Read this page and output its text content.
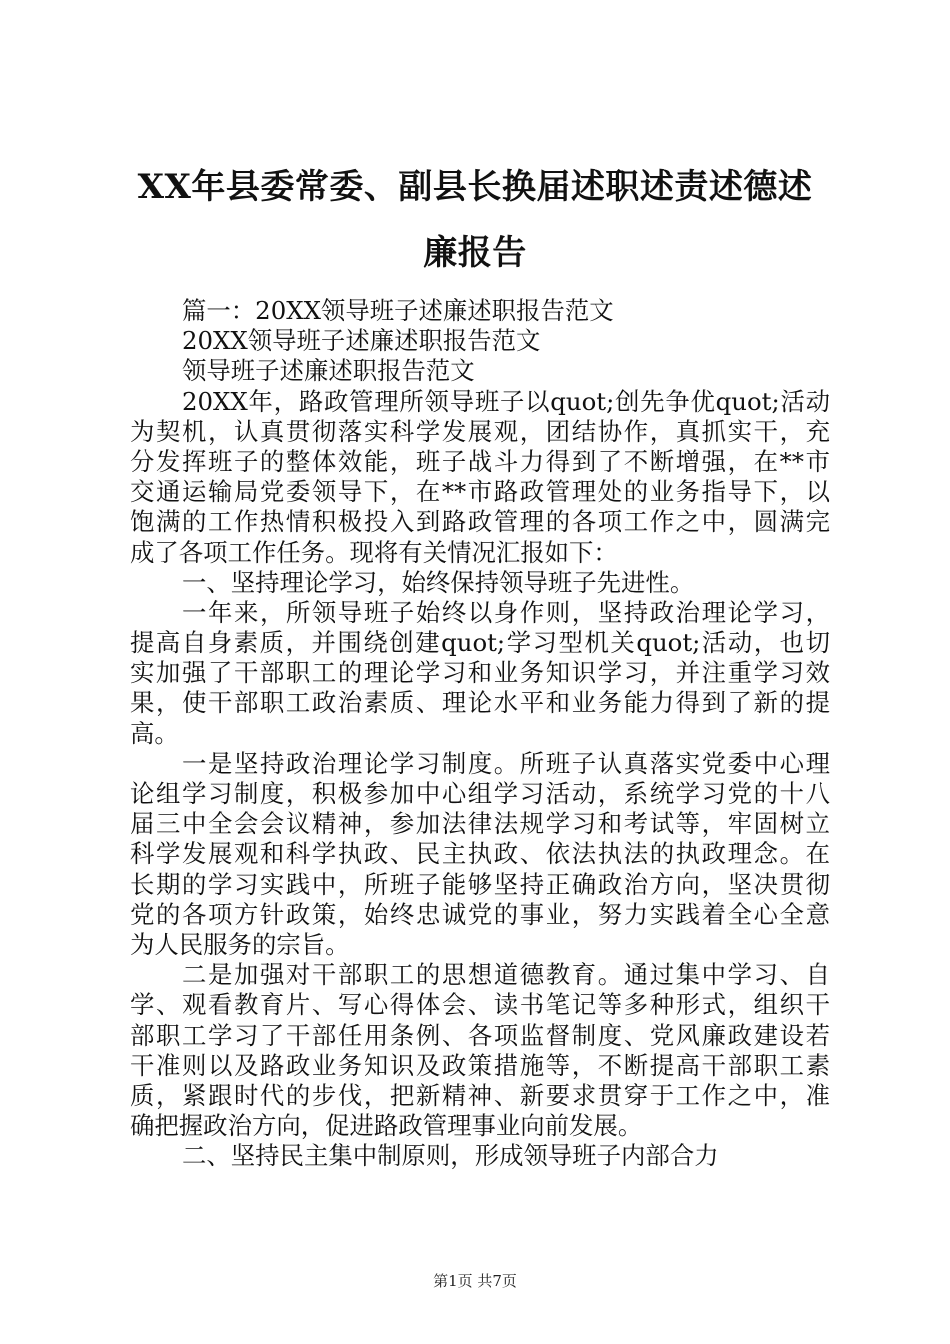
XX年县委常委、副县长换届述职述责述德述
廉报告
篇一：20XX领导班子述廉述职报告范文
20XX领导班子述廉述职报告范文
领导班子述廉述职报告范文
20XX年，路政管理所领导班子以quot;创先争优quot;活动
为契机，认真贯彻落实科学发展观，团结协作，真抓实干，充
分发挥班子的整体效能，班子战斗力得到了不断增强，在**市
交通运输局党委领导下，在**市路政管理处的业务指导下，以
饱满的工作热情积极投入到路政管理的各项工作之中，圆满完
成了各项工作任务。现将有关情况汇报如下：
一、坚持理论学习，始终保持领导班子先进性。
一年来，所领导班子始终以身作则，坚持政治理论学习，
提高自身素质，并围绕创建quot;学习型机关quot;活动，也切
实加强了干部职工的理论学习和业务知识学习，并注重学习效
果，使干部职工政治素质、理论水平和业务能力得到了新的提
高。
一是坚持政治理论学习制度。所班子认真落实党委中心理
论组学习制度，积极参加中心组学习活动，系统学习党的十八
届三中全会会议精神，参加法律法规学习和考试等，牢固树立
科学发展观和科学执政、民主执政、依法执法的执政理念。在
长期的学习实践中，所班子能够坚持正确政治方向，坚决贯彻
党的各项方针政策，始终忠诚党的事业，努力实践着全心全意
为人民服务的宗旨。
二是加强对干部职工的思想道德教育。通过集中学习、自
学、观看教育片、写心得体会、读书笔记等多种形式，组织干
部职工学习了干部任用条例、各项监督制度、党风廉政建设若
干准则以及路政业务知识及政策措施等，不断提高干部职工素
质，紧跟时代的步伐，把新精神、新要求贯穿于工作之中，准
确把握政治方向，促进路政管理事业向前发展。
二、坚持民主集中制原则，形成领导班子内部合力
第1页 共7页
